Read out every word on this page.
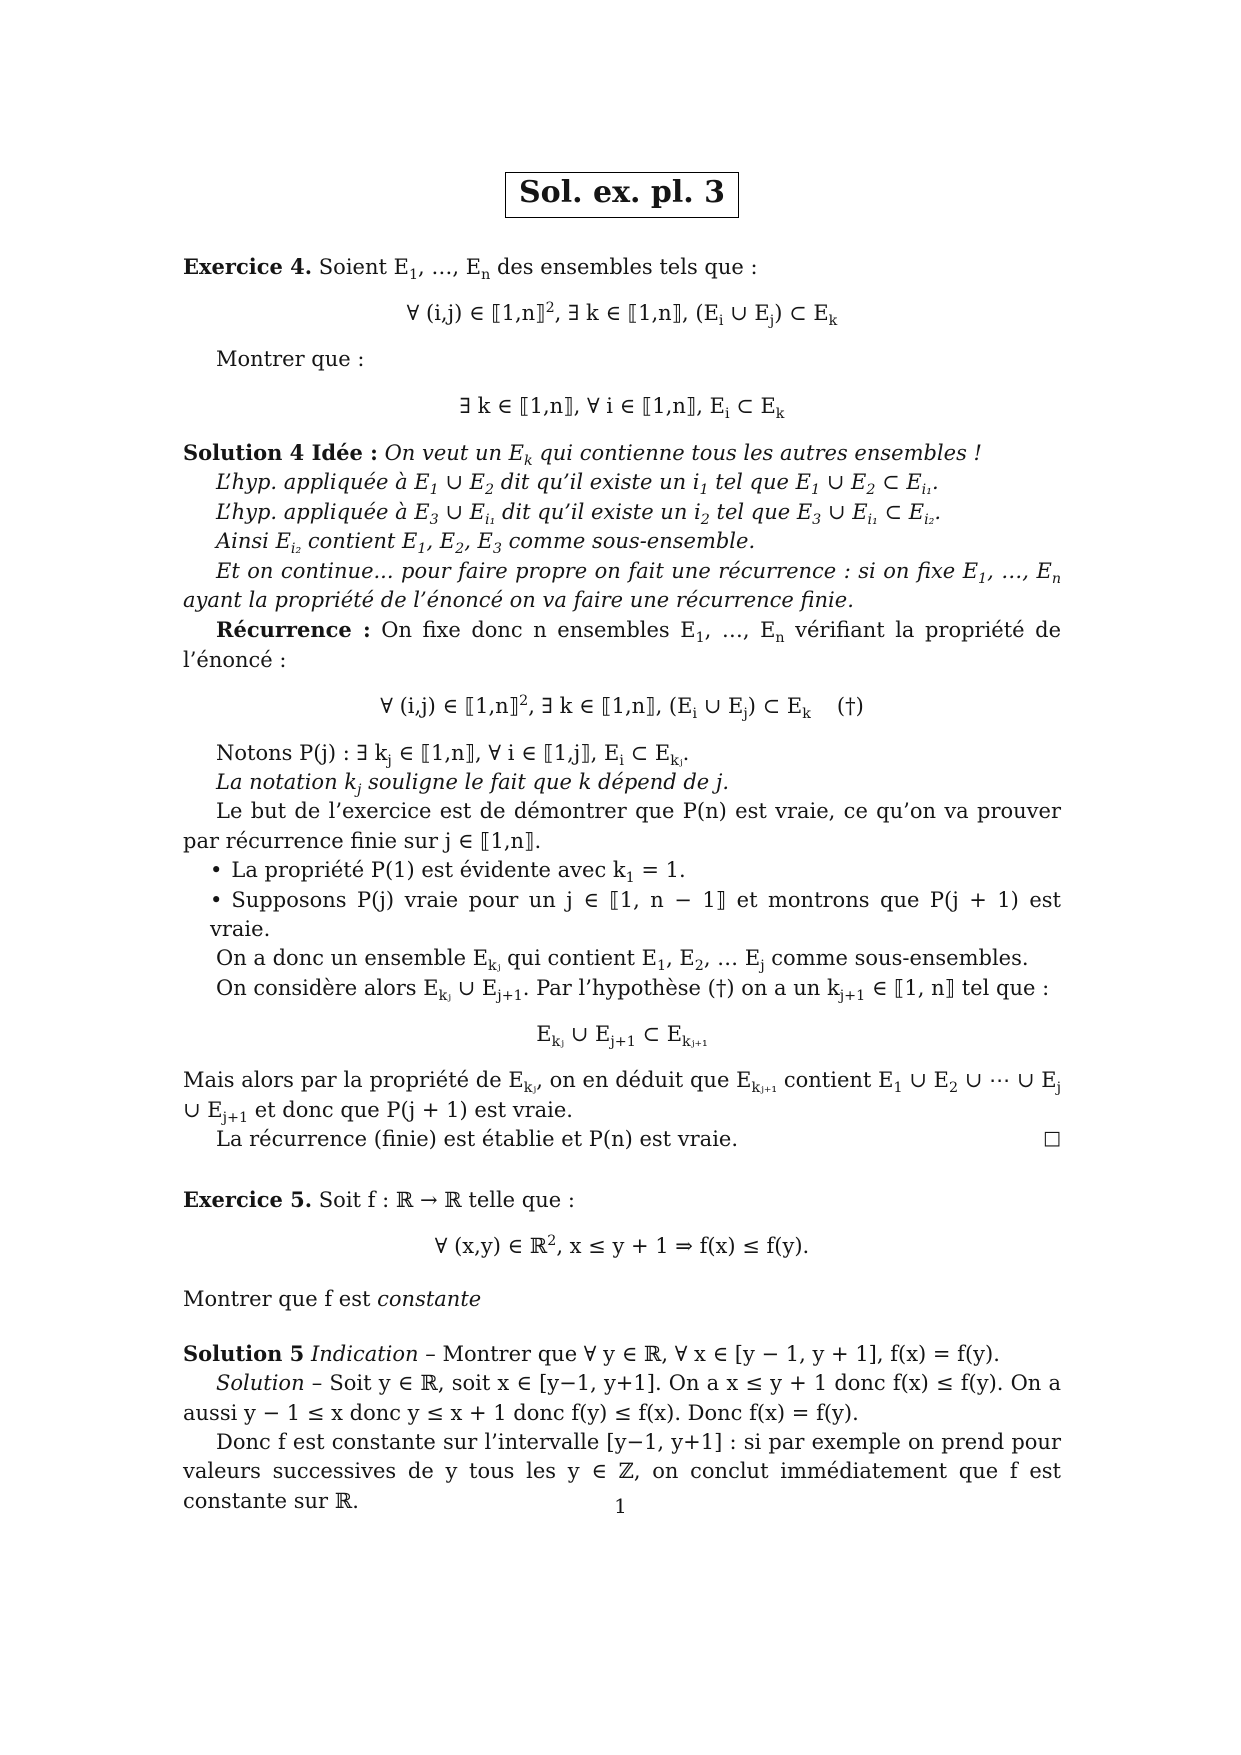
Sol. ex. pl. 3

Exercice 4. Soient $E_1$, …, $E_n$ des ensembles tels que :

∀ (i,j) ∈ ⟦1,n⟧$^2$, ∃ k ∈ ⟦1,n⟧, ($E_i$ ∪ $E_j$) ⊂ $E_k$

Montrer que :

∃ k ∈ ⟦1,n⟧, ∀ i ∈ ⟦1,n⟧, $E_i$ ⊂ $E_k$

Solution 4 Idée : On veut un $E_k$ qui contienne tous les autres ensembles !

L’hyp. appliquée à $E_1$ ∪ $E_2$ dit qu’il existe un $i_1$ tel que $E_1$ ∪ $E_2$ ⊂ $E_{i_1}$.

L’hyp. appliquée à $E_3$ ∪ $E_{i_1}$ dit qu’il existe un $i_2$ tel que $E_3$ ∪ $E_{i_1}$ ⊂ $E_{i_2}$.

Ainsi $E_{i_2}$ contient $E_1$, $E_2$, $E_3$ comme sous-ensemble.

Et on continue... pour faire propre on fait une récurrence : si on fixe $E_1$, …, $E_n$ ayant la propriété de l’énoncé on va faire une récurrence finie.

Récurrence : On fixe donc n ensembles $E_1$, …, $E_n$ vérifiant la propriété de l’énoncé :

∀ (i,j) ∈ ⟦1,n⟧$^2$, ∃ k ∈ ⟦1,n⟧, ($E_i$ ∪ $E_j$) ⊂ $E_k$ (†)

Notons P(j) : ∃ $k_j$ ∈ ⟦1,n⟧, ∀ i ∈ ⟦1,j⟧, $E_i$ ⊂ $E_{kⱼ}$.

La notation $k_j$ souligne le fait que k dépend de j.

Le but de l’exercice est de démontrer que P(n) est vraie, ce qu’on va prouver par récurrence finie sur j ∈ ⟦1,n⟧.

• La propriété P(1) est évidente avec $k_1 = 1$.
• Supposons P(j) vraie pour un j ∈ ⟦1, n − 1⟧ et montrons que P(j + 1) est vraie.

On a donc un ensemble $E_{kⱼ}$ qui contient $E_1$, $E_2$, … $E_j$ comme sous-ensembles.

On considère alors $E_{kⱼ}$ ∪ $E_{j+1}$. Par l’hypothèse (†) on a un $k_{j+1}$ ∈ ⟦1, n⟧ tel que :

$E_{kⱼ}$ ∪ $E_{j+1}$ ⊂ $E_{kⱼ_{+1}}$

Mais alors par la propriété de $E_{kⱼ}$, on en déduit que $E_{kⱼ_{+1}}$ contient $E_1$ ∪ $E_2$ ∪ ⋯ ∪ $E_j$ ∪ $E_{j+1}$ et donc que P(j + 1) est vraie.

□
La récurrence (finie) est établie et P(n) est vraie.

Exercice 5. Soit f : ℝ → ℝ telle que :

∀ (x,y) ∈ ℝ$^2$, x ≤ y + 1 ⇒ f(x) ≤ f(y).

Montrer que f est constante

Solution 5 Indication – Montrer que ∀ y ∈ ℝ, ∀ x ∈ [y − 1, y + 1], f(x) = f(y).

Solution – Soit y ∈ ℝ, soit x ∈ [y−1, y+1]. On a x ≤ y + 1 donc f(x) ≤ f(y). On a aussi y − 1 ≤ x donc y ≤ x + 1 donc f(y) ≤ f(x). Donc f(x) = f(y).

Donc f est constante sur l’intervalle [y−1, y+1] : si par exemple on prend pour valeurs successives de y tous les y ∈ ℤ, on conclut immédiatement que f est constante sur ℝ.	1
